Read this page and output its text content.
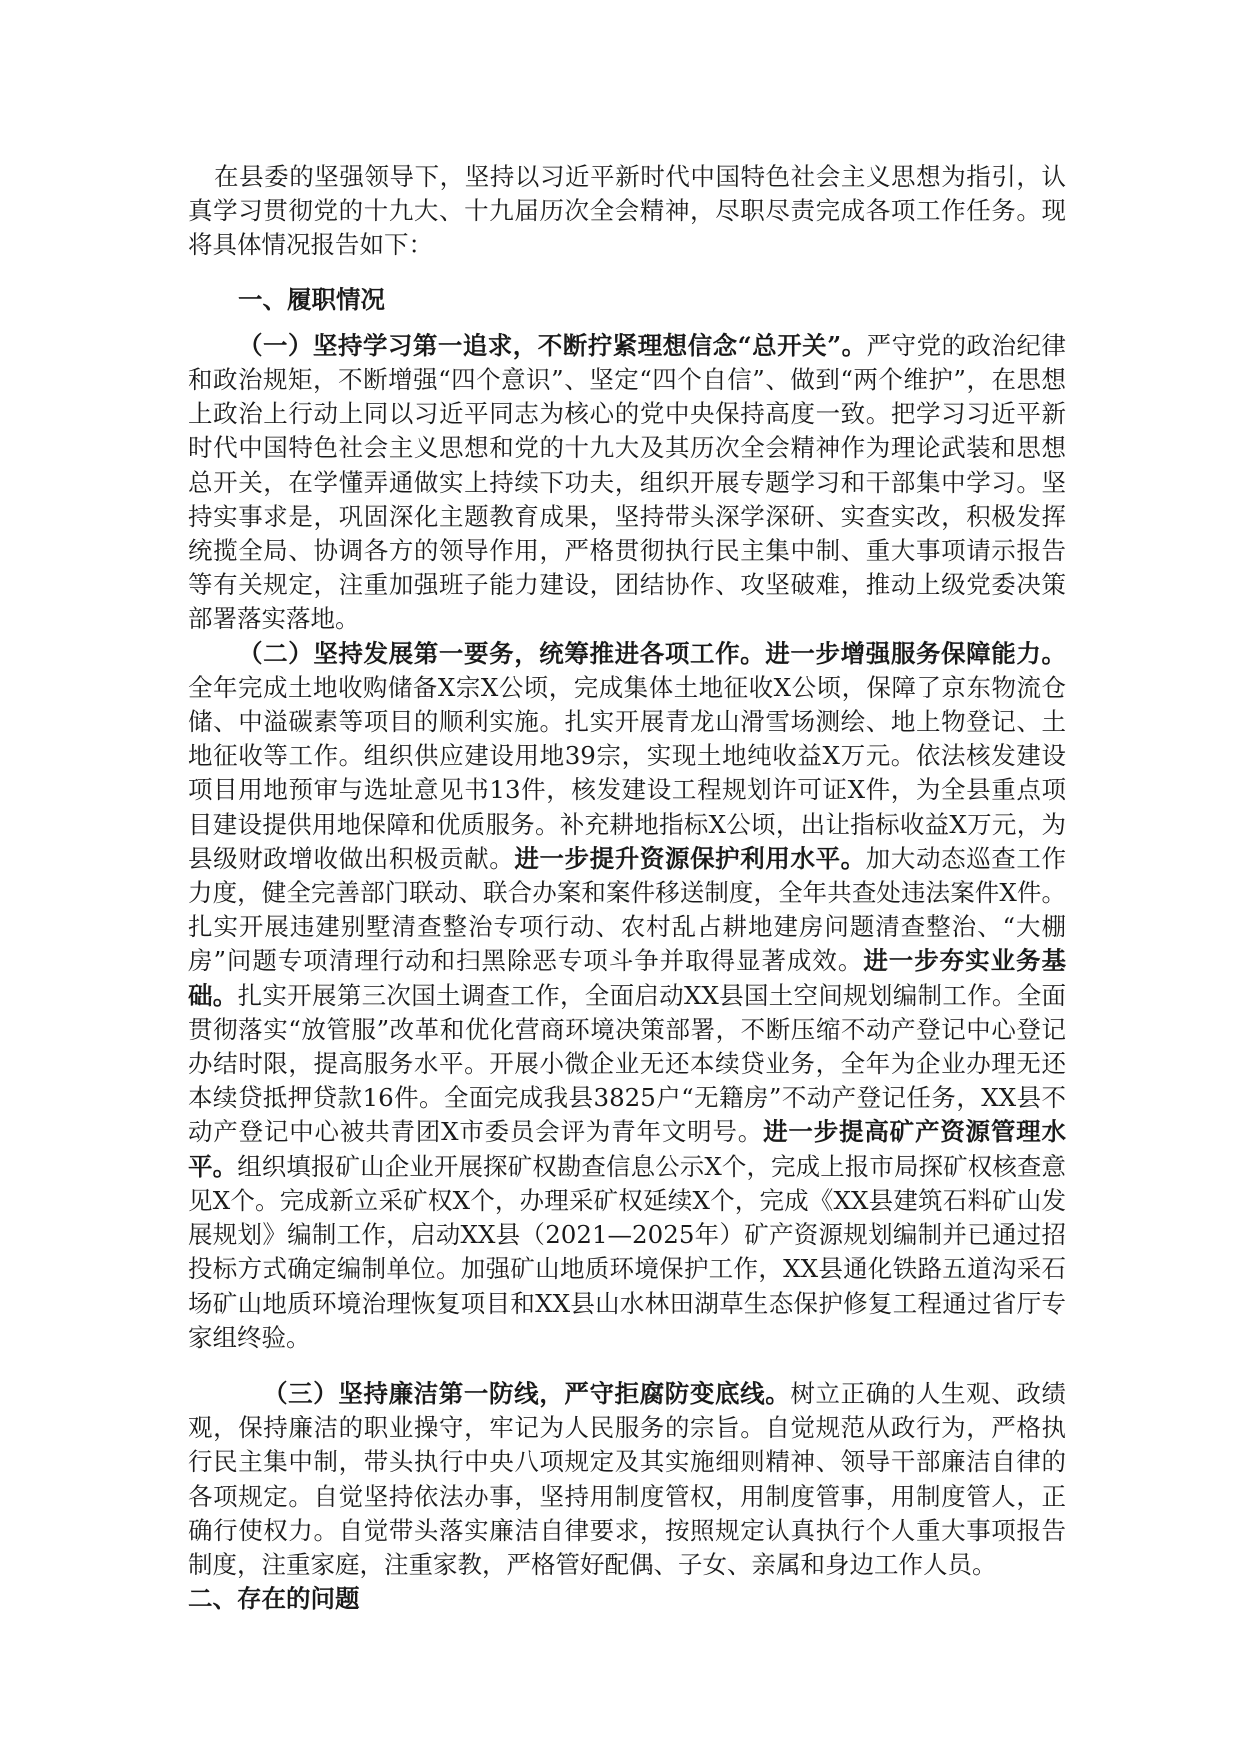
在县委的坚强领导下，坚持以习近平新时代中国特色社会主义思想为指引，认真学习贯彻党的十九大、十九届历次全会精神，尽职尽责完成各项工作任务。现将具体情况报告如下：

一、履职情况

（一）坚持学习第一追求，不断拧紧理想信念“总开关”。严守党的政治纪律和政治规矩，不断增强“四个意识”、坚定“四个自信”、做到“两个维护”，在思想上政治上行动上同以习近平同志为核心的党中央保持高度一致。把学习习近平新时代中国特色社会主义思想和党的十九大及其历次全会精神作为理论武装和思想总开关，在学懂弄通做实上持续下功夫，组织开展专题学习和干部集中学习。坚持实事求是，巩固深化主题教育成果，坚持带头深学深研、实查实改，积极发挥统揽全局、协调各方的领导作用，严格贯彻执行民主集中制、重大事项请示报告等有关规定，注重加强班子能力建设，团结协作、攻坚破难，推动上级党委决策部署落实落地。

（二）坚持发展第一要务，统筹推进各项工作。进一步增强服务保障能力。全年完成土地收购储备X宗X公顷，完成集体土地征收X公顷，保障了京东物流仓储、中溢碳素等项目的顺利实施。扎实开展青龙山滑雪场测绘、地上物登记、土地征收等工作。组织供应建设用地39宗，实现土地纯收益X万元。依法核发建设项目用地预审与选址意见书13件，核发建设工程规划许可证X件，为全县重点项目建设提供用地保障和优质服务。补充耕地指标X公顷，出让指标收益X万元，为县级财政增收做出积极贡献。进一步提升资源保护利用水平。加大动态巡查工作力度，健全完善部门联动、联合办案和案件移送制度，全年共查处违法案件X件。扎实开展违建别墅清查整治专项行动、农村乱占耕地建房问题清查整治、“大棚房”问题专项清理行动和扫黑除恶专项斗争并取得显著成效。进一步夯实业务基础。扎实开展第三次国土调查工作，全面启动XX县国土空间规划编制工作。全面贯彻落实“放管服”改革和优化营商环境决策部署，不断压缩不动产登记中心登记办结时限，提高服务水平。开展小微企业无还本续贷业务，全年为企业办理无还本续贷抵押贷款16件。全面完成我县3825户“无籍房”不动产登记任务，XX县不动产登记中心被共青团X市委员会评为青年文明号。进一步提高矿产资源管理水平。组织填报矿山企业开展探矿权勘查信息公示X个，完成上报市局探矿权核查意见X个。完成新立采矿权X个，办理采矿权延续X个，完成《XX县建筑石料矿山发展规划》编制工作，启动XX县（2021—2025年）矿产资源规划编制并已通过招投标方式确定编制单位。加强矿山地质环境保护工作，XX县通化铁路五道沟采石场矿山地质环境治理恢复项目和XX县山水林田湖草生态保护修复工程通过省厅专家组终验。

（三）坚持廉洁第一防线，严守拒腐防变底线。树立正确的人生观、政绩观，保持廉洁的职业操守，牢记为人民服务的宗旨。自觉规范从政行为，严格执行民主集中制，带头执行中央八项规定及其实施细则精神、领导干部廉洁自律的各项规定。自觉坚持依法办事，坚持用制度管权，用制度管事，用制度管人，正确行使权力。自觉带头落实廉洁自律要求，按照规定认真执行个人重大事项报告制度，注重家庭，注重家教，严格管好配偶、子女、亲属和身边工作人员。

二、存在的问题
